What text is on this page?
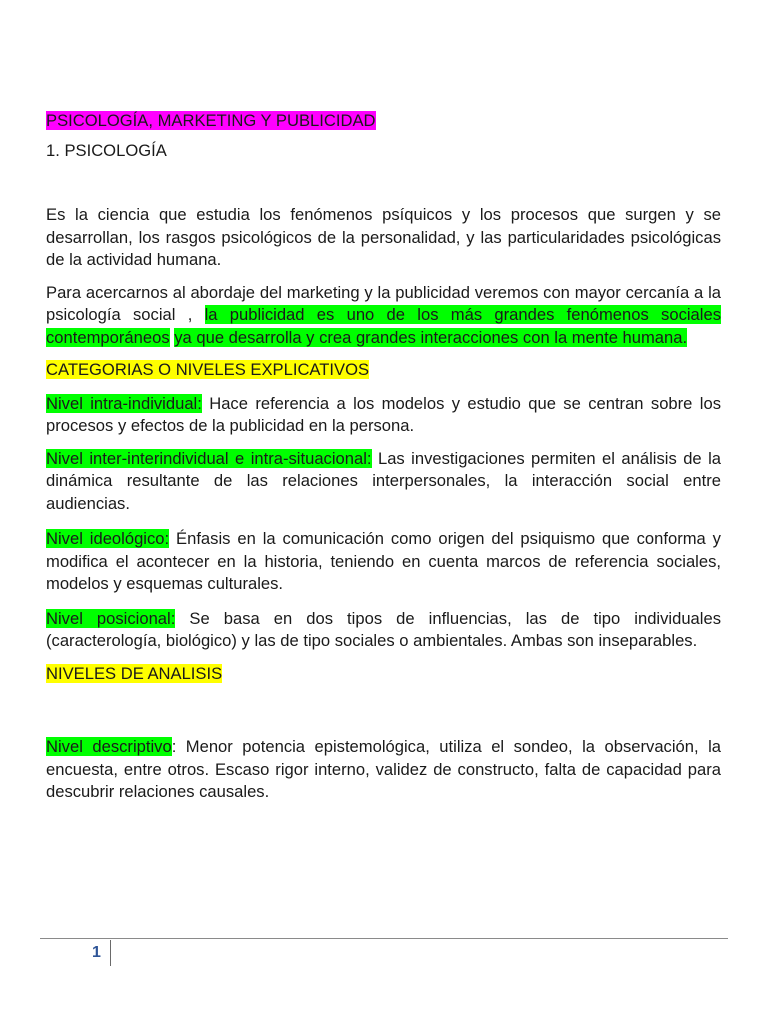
PSICOLOGÍA, MARKETING Y PUBLICIDAD

1. PSICOLOGÍA

Es la ciencia que estudia los fenómenos psíquicos y los procesos que surgen y se desarrollan, los rasgos psicológicos de la personalidad, y las particularidades psicológicas de la actividad humana.

Para acercarnos al abordaje del marketing y la publicidad veremos con mayor cercanía a la psicología social , la publicidad es uno de los más grandes fenómenos sociales contemporáneos ya que desarrolla y crea grandes interacciones con la mente humana.

CATEGORIAS O NIVELES EXPLICATIVOS

Nivel intra-individual: Hace referencia a los modelos y estudio que se centran sobre los procesos y efectos de la publicidad en la persona.

Nivel inter-interindividual e intra-situacional: Las investigaciones permiten el análisis de la dinámica resultante de las relaciones interpersonales, la interacción social entre audiencias.

Nivel ideológico: Énfasis en la comunicación como origen del psiquismo que conforma y modifica el acontecer en la historia, teniendo en cuenta marcos de referencia sociales, modelos y esquemas culturales.

Nivel posicional: Se basa en dos tipos de influencias, las de tipo individuales (caracterología, biológico) y las de tipo sociales o ambientales. Ambas son inseparables.

NIVELES DE ANALISIS

Nivel descriptivo: Menor potencia epistemológica, utiliza el sondeo, la observación, la encuesta, entre otros. Escaso rigor interno, validez de constructo, falta de capacidad para descubrir relaciones causales.

1
